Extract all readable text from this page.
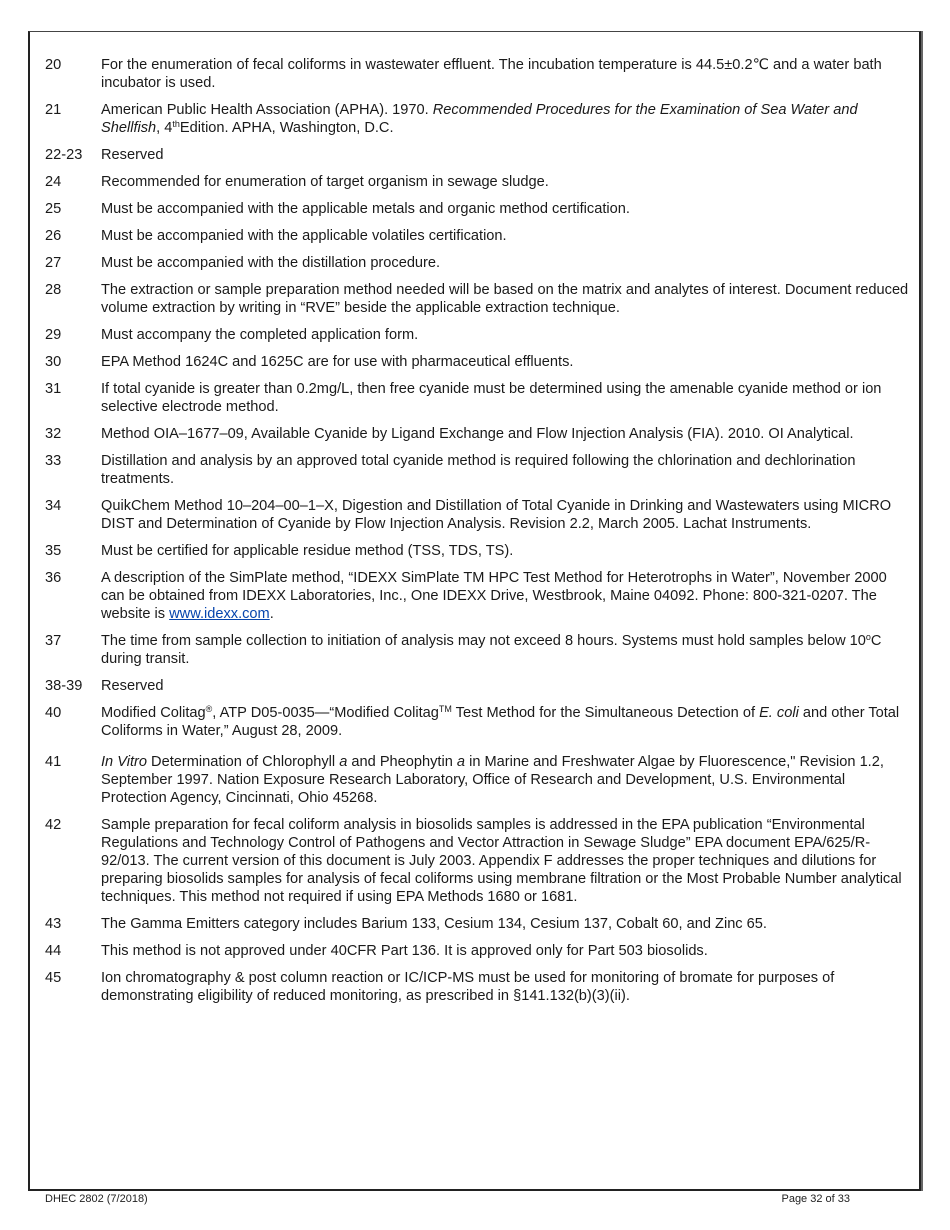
20	For the enumeration of fecal coliforms in wastewater effluent. The incubation temperature is 44.5±0.2℃ and a water bath incubator is used.
21	American Public Health Association (APHA). 1970. Recommended Procedures for the Examination of Sea Water and Shellfish, 4thEdition. APHA, Washington, D.C.
22-23	Reserved
24	Recommended for enumeration of target organism in sewage sludge.
25	Must be accompanied with the applicable metals and organic method certification.
26	Must be accompanied with the applicable volatiles certification.
27	Must be accompanied with the distillation procedure.
28	The extraction or sample preparation method needed will be based on the matrix and analytes of interest. Document reduced volume extraction by writing in “RVE” beside the applicable extraction technique.
29	Must accompany the completed application form.
30	EPA Method 1624C and 1625C are for use with pharmaceutical effluents.
31	If total cyanide is greater than 0.2mg/L, then free cyanide must be determined using the amenable cyanide method or ion selective electrode method.
32	Method OIA–1677–09, Available Cyanide by Ligand Exchange and Flow Injection Analysis (FIA). 2010. OI Analytical.
33	Distillation and analysis by an approved total cyanide method is required following the chlorination and dechlorination treatments.
34	QuikChem Method 10–204–00–1–X, Digestion and Distillation of Total Cyanide in Drinking and Wastewaters using MICRO DIST and Determination of Cyanide by Flow Injection Analysis. Revision 2.2, March 2005. Lachat Instruments.
35	Must be certified for applicable residue method (TSS, TDS, TS).
36	A description of the SimPlate method, “IDEXX SimPlate TM HPC Test Method for Heterotrophs in Water”, November 2000 can be obtained from IDEXX Laboratories, Inc., One IDEXX Drive, Westbrook, Maine 04092. Phone: 800-321-0207. The website is www.idexx.com.
37	The time from sample collection to initiation of analysis may not exceed 8 hours. Systems must hold samples below 10$^o$C during transit.
38-39	Reserved
40	Modified Colitag®, ATP D05-0035—“Modified Colitag™ Test Method for the Simultaneous Detection of E. coli and other Total Coliforms in Water,” August 28, 2009.
41	In Vitro Determination of Chlorophyll a and Pheophytin a in Marine and Freshwater Algae by Fluorescence," Revision 1.2, September 1997. Nation Exposure Research Laboratory, Office of Research and Development, U.S. Environmental Protection Agency, Cincinnati, Ohio 45268.
42	Sample preparation for fecal coliform analysis in biosolids samples is addressed in the EPA publication “Environmental Regulations and Technology Control of Pathogens and Vector Attraction in Sewage Sludge” EPA document EPA/625/R-92/013. The current version of this document is July 2003. Appendix F addresses the proper techniques and dilutions for preparing biosolids samples for analysis of fecal coliforms using membrane filtration or the Most Probable Number analytical techniques. This method not required if using EPA Methods 1680 or 1681.
43	The Gamma Emitters category includes Barium 133, Cesium 134, Cesium 137, Cobalt 60, and Zinc 65.
44	This method is not approved under 40CFR Part 136. It is approved only for Part 503 biosolids.
45	Ion chromatography & post column reaction or IC/ICP-MS must be used for monitoring of bromate for purposes of demonstrating eligibility of reduced monitoring, as prescribed in §141.132(b)(3)(ii).
DHEC 2802 (7/2018)	Page 32 of 33
